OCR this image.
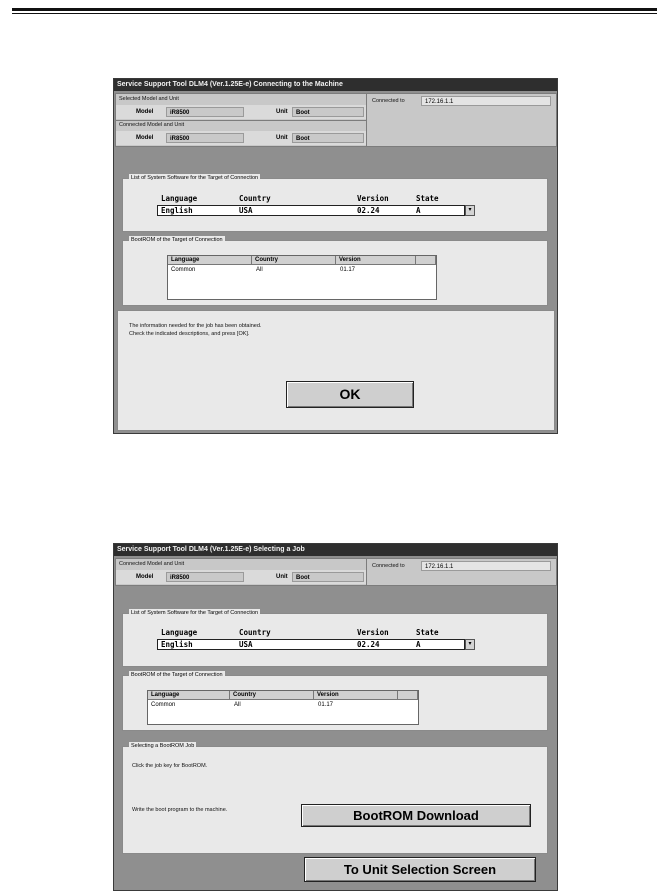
Service Support Tool DLM4 (Ver.1.25E-e) Connecting to the Machine
Selected Model and Unit
Model	iR8500	Unit	Boot
Connected to	172.16.1.1
Connected Model and Unit
Model	iR8500	Unit	Boot
List of System Software for the Target of Connection
Language	Country	Version	State
English	USA	02.24	A	▾
BootROM of the Target of Connection
Language	Country	Version
Common	All	01.17
The information needed for the job has been obtained.
Check the indicated descriptions, and press [OK].
OK
Service Support Tool DLM4 (Ver.1.25E-e) Selecting a Job
Connected Model and Unit
Model	iR8500	Unit	Boot
Connected to	172.16.1.1
List of System Software for the Target of Connection
Language	Country	Version	State
English	USA	02.24	A	▾
BootROM of the Target of Connection
Language	Country	Version
Common	All	01.17
Selecting a BootROM Job
Click the job key for BootROM.
Write the boot program to the machine.	BootROM Download
To Unit Selection Screen
